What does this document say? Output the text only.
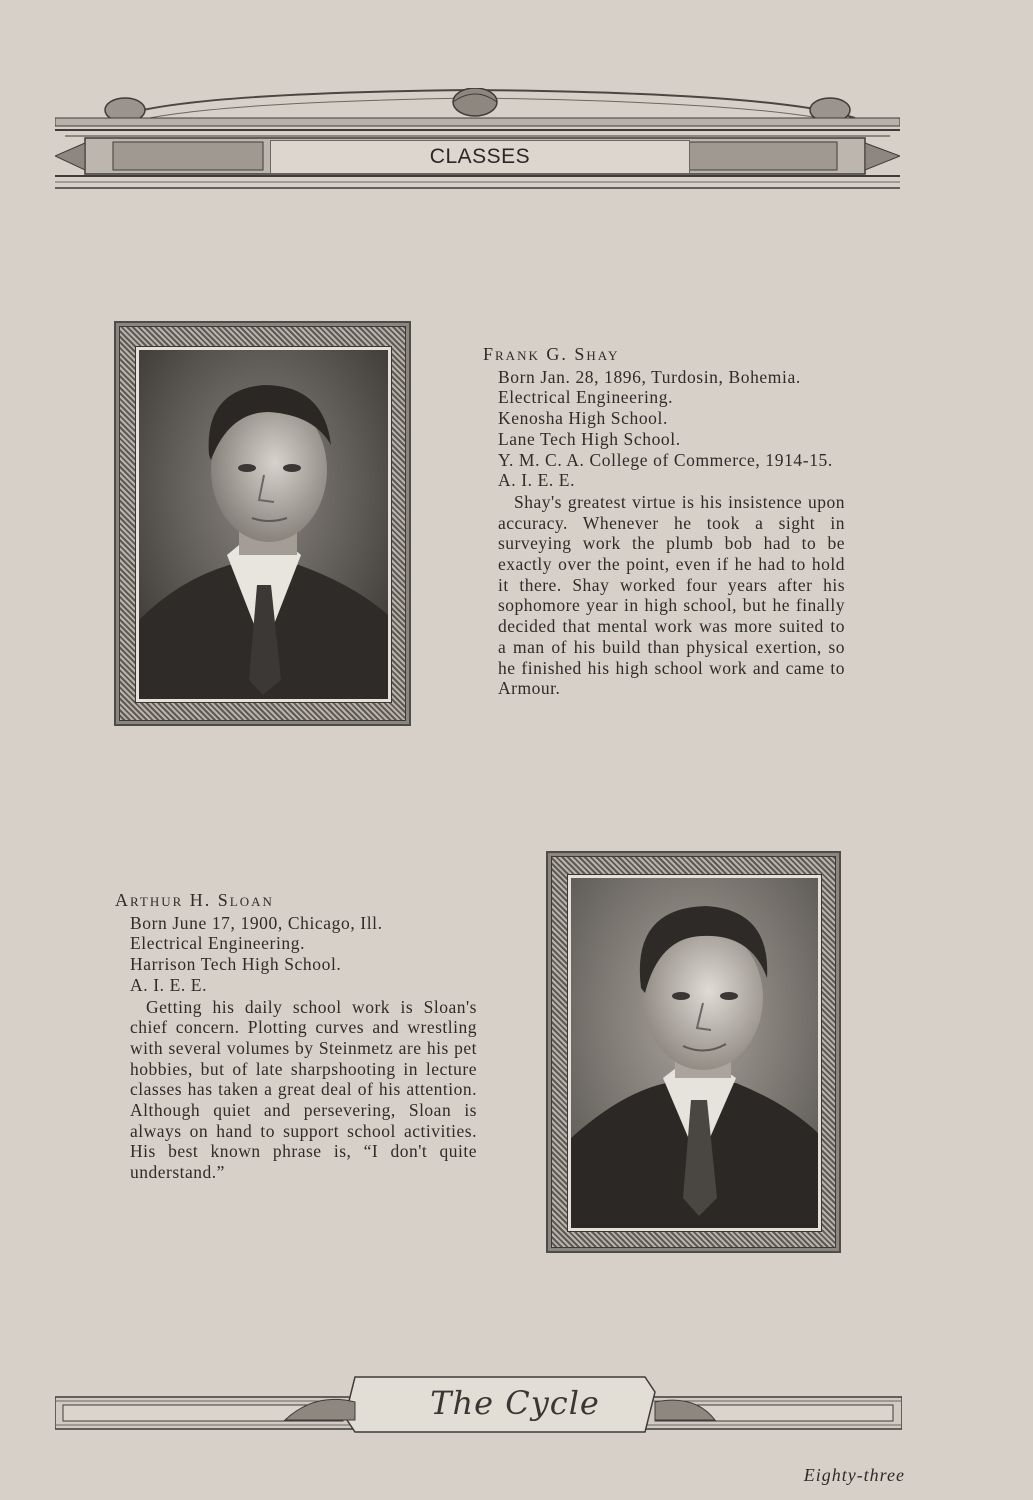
CLASSES
Frank G. Shay
Born Jan. 28, 1896, Turdosin, Bohemia.
Electrical Engineering.
Kenosha High School.
Lane Tech High School.
Y. M. C. A. College of Commerce, 1914-15.
A. I. E. E.
Shay's greatest virtue is his insistence upon accuracy. Whenever he took a sight in surveying work the plumb bob had to be exactly over the point, even if he had to hold it there. Shay worked four years after his sophomore year in high school, but he finally decided that mental work was more suited to a man of his build than physical exertion, so he finished his high school work and came to Armour.
Arthur H. Sloan
Born June 17, 1900, Chicago, Ill.
Electrical Engineering.
Harrison Tech High School.
A. I. E. E.
Getting his daily school work is Sloan's chief concern. Plotting curves and wrestling with several volumes by Steinmetz are his pet hobbies, but of late sharpshooting in lecture classes has taken a great deal of his attention. Although quiet and persevering, Sloan is always on hand to support school activities. His best known phrase is, “I don't quite understand.”
The Cycle
Eighty-three
